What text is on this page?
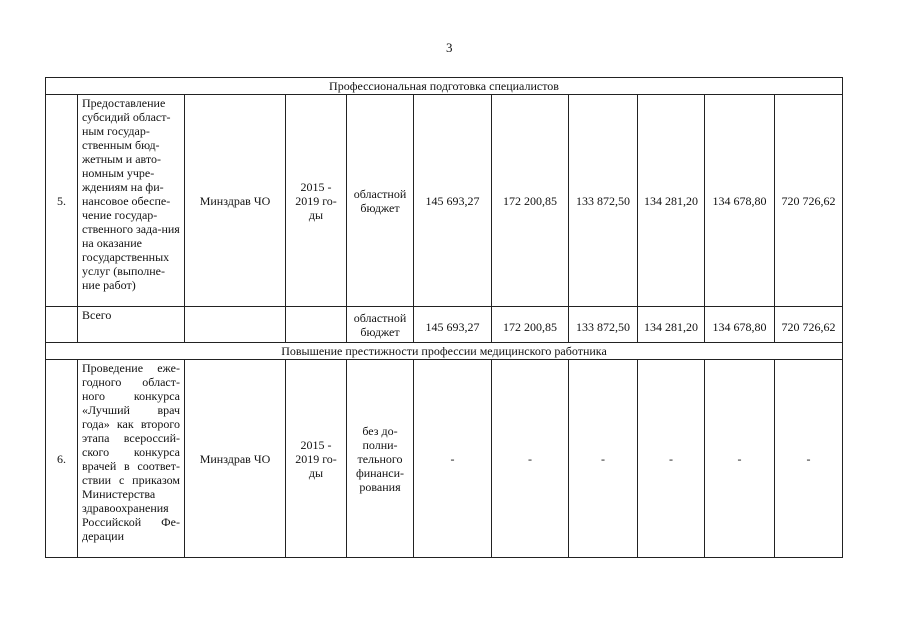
3
Профессиональная подготовка специалистов										
5.	Предоставление субсидий област-ным государ-ственным бюд-жетным и авто-номным учре-ждениям на фи-нансовое обеспе-чение государ-ственного зада-ния на оказание государственных услуг (выполне-ние работ)	Минздрав ЧО	2015 - 2019 го-ды	областной бюджет	145 693,27	172 200,85	133 872,50	134 281,20	134 678,80	720 726,62
	Всего			областной бюджет	145 693,27	172 200,85	133 872,50	134 281,20	134 678,80	720 726,62
Повышение престижности профессии медицинского работника										
6.	Проведение еже-годного област-ного конкурса «Лучший врач года» как второго этапа всероссий-ского конкурса врачей в соответ-ствии с приказом Министерства здравоохранения Российской Фе-дерации	Минздрав ЧО	2015 - 2019 го-ды	без до-полни-тельного финанси-рования	-	-	-	-	-	-
